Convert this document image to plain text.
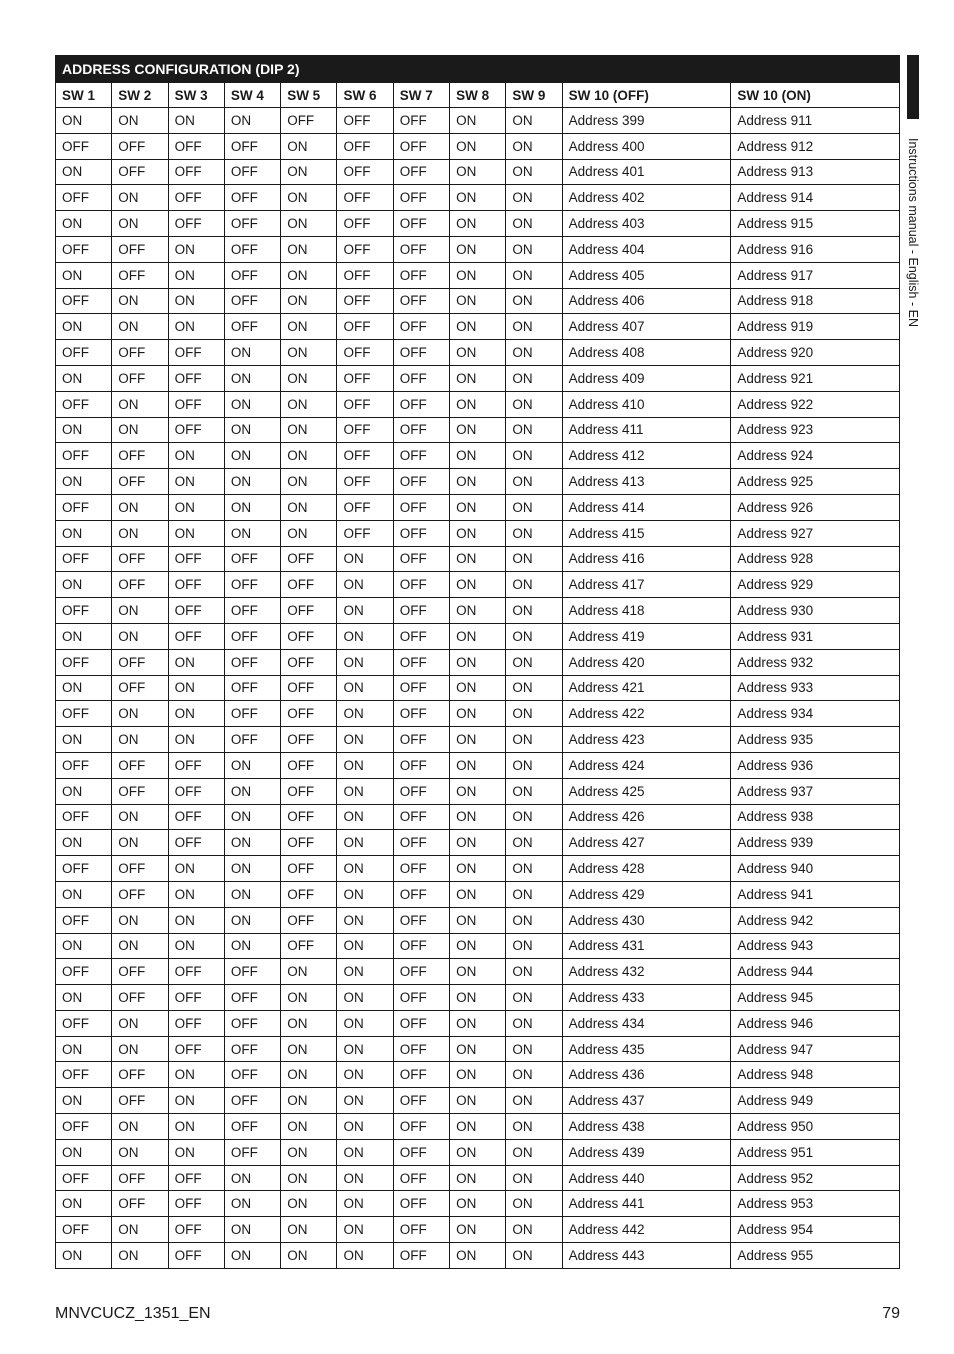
ADDRESS CONFIGURATION (DIP 2)										
SW 1	SW 2	SW 3	SW 4	SW 5	SW 6	SW 7	SW 8	SW 9	SW 10 (OFF)	SW 10 (ON)
ON	ON	ON	ON	OFF	OFF	OFF	ON	ON	Address 399	Address 911
OFF	OFF	OFF	OFF	ON	OFF	OFF	ON	ON	Address 400	Address 912
ON	OFF	OFF	OFF	ON	OFF	OFF	ON	ON	Address 401	Address 913
OFF	ON	OFF	OFF	ON	OFF	OFF	ON	ON	Address 402	Address 914
ON	ON	OFF	OFF	ON	OFF	OFF	ON	ON	Address 403	Address 915
OFF	OFF	ON	OFF	ON	OFF	OFF	ON	ON	Address 404	Address 916
ON	OFF	ON	OFF	ON	OFF	OFF	ON	ON	Address 405	Address 917
OFF	ON	ON	OFF	ON	OFF	OFF	ON	ON	Address 406	Address 918
ON	ON	ON	OFF	ON	OFF	OFF	ON	ON	Address 407	Address 919
OFF	OFF	OFF	ON	ON	OFF	OFF	ON	ON	Address 408	Address 920
ON	OFF	OFF	ON	ON	OFF	OFF	ON	ON	Address 409	Address 921
OFF	ON	OFF	ON	ON	OFF	OFF	ON	ON	Address 410	Address 922
ON	ON	OFF	ON	ON	OFF	OFF	ON	ON	Address 411	Address 923
OFF	OFF	ON	ON	ON	OFF	OFF	ON	ON	Address 412	Address 924
ON	OFF	ON	ON	ON	OFF	OFF	ON	ON	Address 413	Address 925
OFF	ON	ON	ON	ON	OFF	OFF	ON	ON	Address 414	Address 926
ON	ON	ON	ON	ON	OFF	OFF	ON	ON	Address 415	Address 927
OFF	OFF	OFF	OFF	OFF	ON	OFF	ON	ON	Address 416	Address 928
ON	OFF	OFF	OFF	OFF	ON	OFF	ON	ON	Address 417	Address 929
OFF	ON	OFF	OFF	OFF	ON	OFF	ON	ON	Address 418	Address 930
ON	ON	OFF	OFF	OFF	ON	OFF	ON	ON	Address 419	Address 931
OFF	OFF	ON	OFF	OFF	ON	OFF	ON	ON	Address 420	Address 932
ON	OFF	ON	OFF	OFF	ON	OFF	ON	ON	Address 421	Address 933
OFF	ON	ON	OFF	OFF	ON	OFF	ON	ON	Address 422	Address 934
ON	ON	ON	OFF	OFF	ON	OFF	ON	ON	Address 423	Address 935
OFF	OFF	OFF	ON	OFF	ON	OFF	ON	ON	Address 424	Address 936
ON	OFF	OFF	ON	OFF	ON	OFF	ON	ON	Address 425	Address 937
OFF	ON	OFF	ON	OFF	ON	OFF	ON	ON	Address 426	Address 938
ON	ON	OFF	ON	OFF	ON	OFF	ON	ON	Address 427	Address 939
OFF	OFF	ON	ON	OFF	ON	OFF	ON	ON	Address 428	Address 940
ON	OFF	ON	ON	OFF	ON	OFF	ON	ON	Address 429	Address 941
OFF	ON	ON	ON	OFF	ON	OFF	ON	ON	Address 430	Address 942
ON	ON	ON	ON	OFF	ON	OFF	ON	ON	Address 431	Address 943
OFF	OFF	OFF	OFF	ON	ON	OFF	ON	ON	Address 432	Address 944
ON	OFF	OFF	OFF	ON	ON	OFF	ON	ON	Address 433	Address 945
OFF	ON	OFF	OFF	ON	ON	OFF	ON	ON	Address 434	Address 946
ON	ON	OFF	OFF	ON	ON	OFF	ON	ON	Address 435	Address 947
OFF	OFF	ON	OFF	ON	ON	OFF	ON	ON	Address 436	Address 948
ON	OFF	ON	OFF	ON	ON	OFF	ON	ON	Address 437	Address 949
OFF	ON	ON	OFF	ON	ON	OFF	ON	ON	Address 438	Address 950
ON	ON	ON	OFF	ON	ON	OFF	ON	ON	Address 439	Address 951
OFF	OFF	OFF	ON	ON	ON	OFF	ON	ON	Address 440	Address 952
ON	OFF	OFF	ON	ON	ON	OFF	ON	ON	Address 441	Address 953
OFF	ON	OFF	ON	ON	ON	OFF	ON	ON	Address 442	Address 954
ON	ON	OFF	ON	ON	ON	OFF	ON	ON	Address 443	Address 955
Instructions manual - English - EN
MNVCUCZ_1351_EN	79
